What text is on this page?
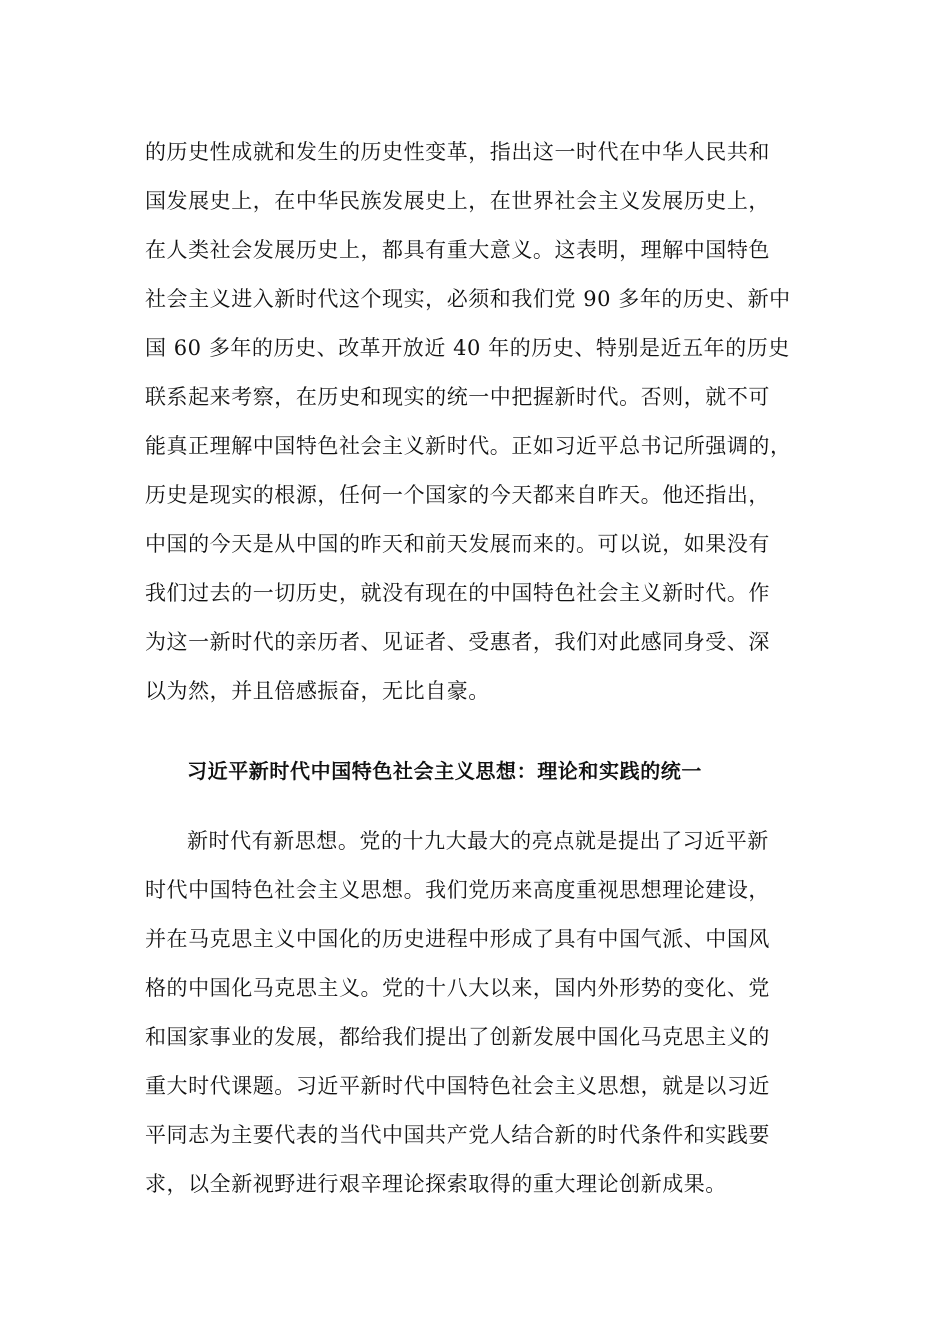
的历史性成就和发生的历史性变革，指出这一时代在中华人民共和
国发展史上，在中华民族发展史上，在世界社会主义发展历史上，
在人类社会发展历史上，都具有重大意义。这表明，理解中国特色
社会主义进入新时代这个现实，必须和我们党 90 多年的历史、新中
国 60 多年的历史、改革开放近 40 年的历史、特别是近五年的历史
联系起来考察，在历史和现实的统一中把握新时代。否则，就不可
能真正理解中国特色社会主义新时代。正如习近平总书记所强调的，
历史是现实的根源，任何一个国家的今天都来自昨天。他还指出，
中国的今天是从中国的昨天和前天发展而来的。可以说，如果没有
我们过去的一切历史，就没有现在的中国特色社会主义新时代。作
为这一新时代的亲历者、见证者、受惠者，我们对此感同身受、深
以为然，并且倍感振奋，无比自豪。
习近平新时代中国特色社会主义思想：理论和实践的统一
新时代有新思想。党的十九大最大的亮点就是提出了习近平新
时代中国特色社会主义思想。我们党历来高度重视思想理论建设，
并在马克思主义中国化的历史进程中形成了具有中国气派、中国风
格的中国化马克思主义。党的十八大以来，国内外形势的变化、党
和国家事业的发展，都给我们提出了创新发展中国化马克思主义的
重大时代课题。习近平新时代中国特色社会主义思想，就是以习近
平同志为主要代表的当代中国共产党人结合新的时代条件和实践要
求，以全新视野进行艰辛理论探索取得的重大理论创新成果。
